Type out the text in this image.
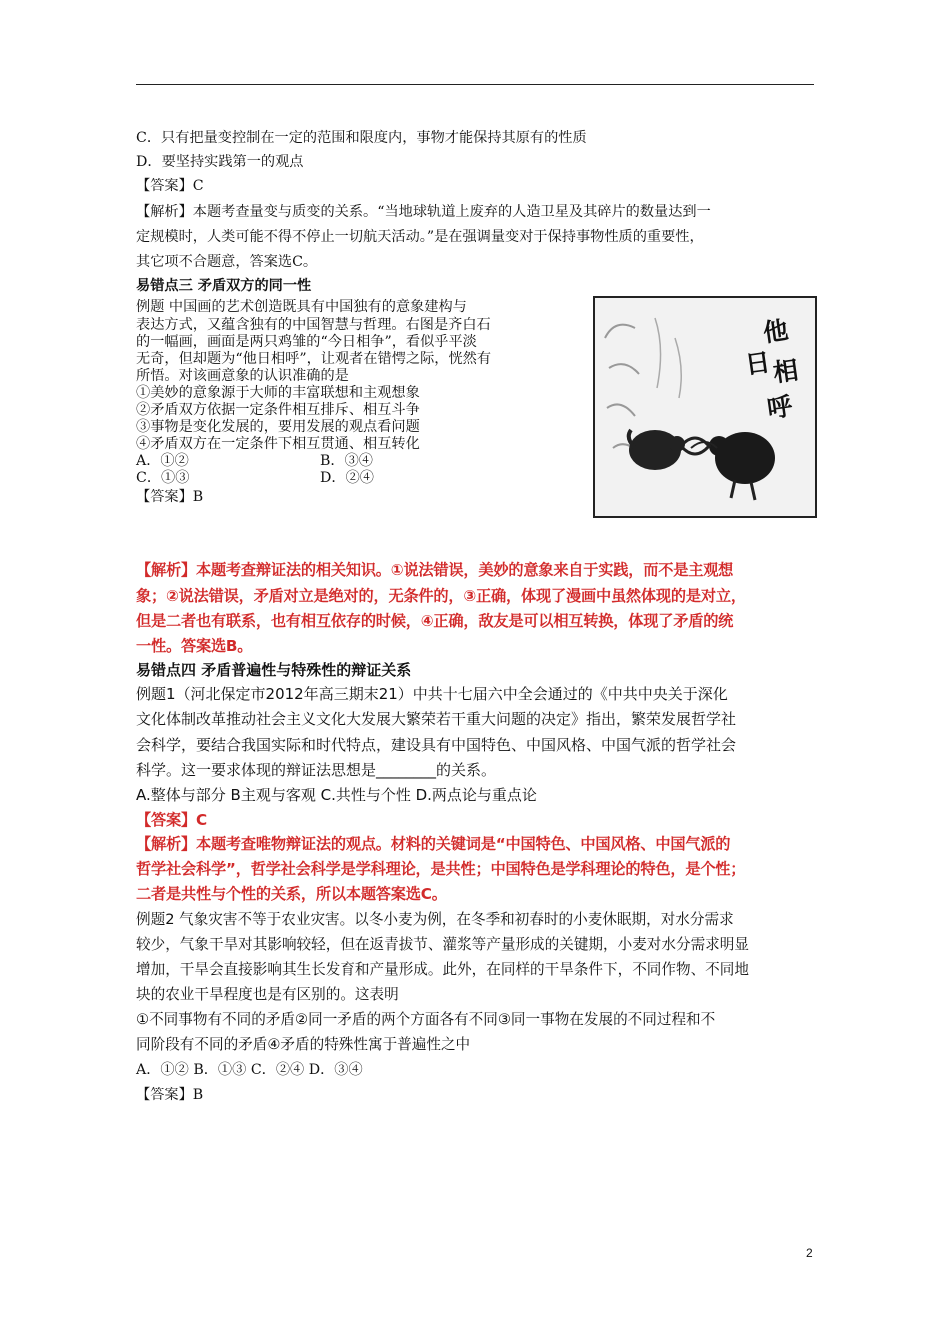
C．只有把量变控制在一定的范围和限度内，事物才能保持其原有的性质
D．要坚持实践第一的观点
【答案】C
【解析】本题考查量变与质变的关系。“当地球轨道上废弃的人造卫星及其碎片的数量达到一
定规模时，人类可能不得不停止一切航天活动。”是在强调量变对于保持事物性质的重要性，
其它项不合题意，答案选C。
易错点三 矛盾双方的同一性
例题 中国画的艺术创造既具有中国独有的意象建构与
表达方式，又蕴含独有的中国智慧与哲理。右图是齐白石
的一幅画，画面是两只鸡雏的“今日相争”，看似乎平淡
无奇，但却题为“他日相呼”，让观者在错愕之际，恍然有
所悟。对该画意象的认识准确的是
①美妙的意象源于大师的丰富联想和主观想象
②矛盾双方依据一定条件相互排斥、相互斗争
③事物是变化发展的，要用发展的观点看问题
④矛盾双方在一定条件下相互贯通、相互转化
A．①②	B．③④
C．①③	D．②④
【答案】B
他
日 相
呼
【解析】本题考查辩证法的相关知识。①说法错误，美妙的意象来自于实践，而不是主观想
象；②说法错误，矛盾对立是绝对的，无条件的，③正确，体现了漫画中虽然体现的是对立，
但是二者也有联系，也有相互依存的时候，④正确，敌友是可以相互转换，体现了矛盾的统
一性。答案选B。
易错点四 矛盾普遍性与特殊性的辩证关系
例题1（河北保定市2012年高三期末21）中共十七届六中全会通过的《中共中央关于深化
文化体制改革推动社会主义文化大发展大繁荣若干重大问题的决定》指出，繁荣发展哲学社
会科学，要结合我国实际和时代特点，建设具有中国特色、中国风格、中国气派的哲学社会
科学。这一要求体现的辩证法思想是________的关系。
A.整体与部分 B主观与客观 C.共性与个性 D.两点论与重点论
【答案】C
【解析】本题考查唯物辩证法的观点。材料的关键词是“中国特色、中国风格、中国气派的
哲学社会科学”，哲学社会科学是学科理论，是共性；中国特色是学科理论的特色，是个性；
二者是共性与个性的关系，所以本题答案选C。
例题2 气象灾害不等于农业灾害。以冬小麦为例，在冬季和初春时的小麦休眠期，对水分需求
较少，气象干旱对其影响较轻，但在返青拔节、灌浆等产量形成的关键期，小麦对水分需求明显
增加，干旱会直接影响其生长发育和产量形成。此外，在同样的干旱条件下，不同作物、不同地
块的农业干旱程度也是有区别的。这表明
①不同事物有不同的矛盾②同一矛盾的两个方面各有不同③同一事物在发展的不同过程和不
同阶段有不同的矛盾④矛盾的特殊性寓于普遍性之中
A．①② B．①③ C．②④ D．③④
【答案】B
2
